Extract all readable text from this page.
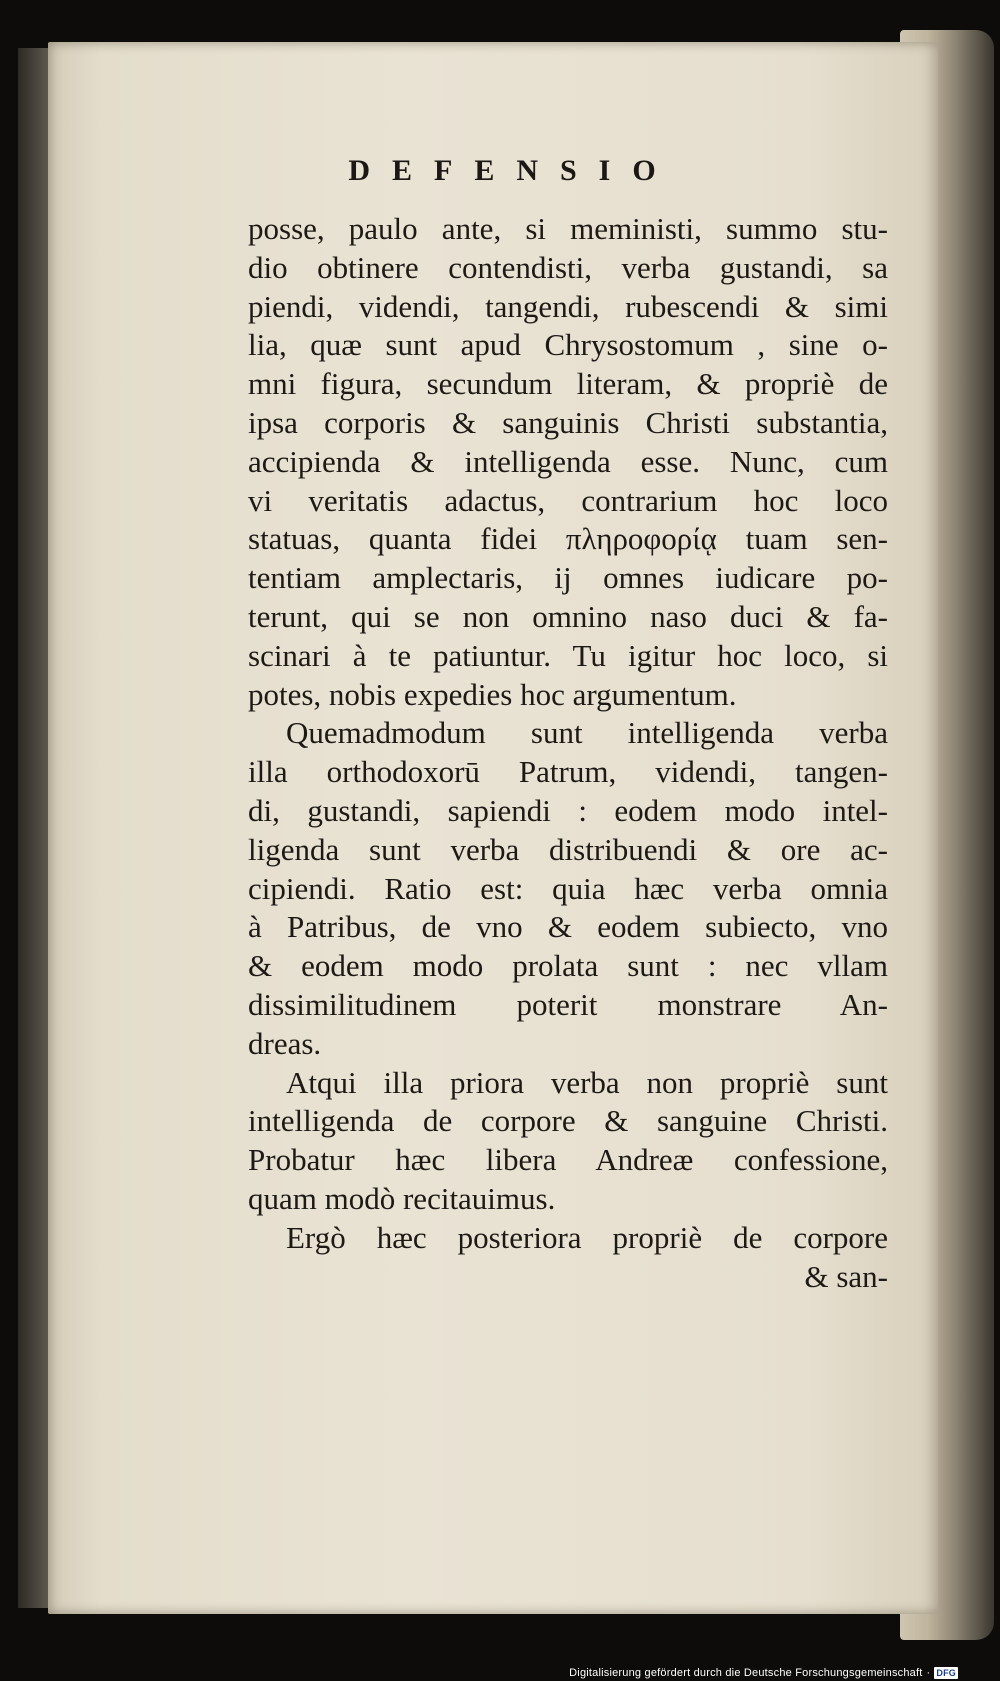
DEFENSIO
posse, paulo ante, si meministi, summo stu-
dio obtinere contendisti, verba gustandi, sa
piendi, videndi, tangendi, rubescendi & simi
lia, quæ sunt apud Chrysostomum , sine o-
mni figura, secundum literam, & propriè de
ipsa corporis & sanguinis Christi substantia,
accipienda & intelligenda esse. Nunc, cum
vi veritatis adactus, contrarium hoc loco
statuas, quanta fidei πληροφορίᾳ tuam sen-
tentiam amplectaris, ij omnes iudicare po-
terunt, qui se non omnino naso duci & fa-
scinari à te patiuntur. Tu igitur hoc loco, si
potes, nobis expedies hoc argumentum.
Quemadmodum sunt intelligenda verba
illa orthodoxorū Patrum, videndi, tangen-
di, gustandi, sapiendi : eodem modo intel-
ligenda sunt verba distribuendi & ore ac-
cipiendi. Ratio est: quia hæc verba omnia
à Patribus, de vno & eodem subiecto, vno
& eodem modo prolata sunt : nec vllam
dissimilitudinem poterit monstrare An-
dreas.
Atqui illa priora verba non propriè sunt
intelligenda de corpore & sanguine Christi.
Probatur hæc libera Andreæ confessione,
quam modò recitauimus.
Ergò hæc posteriora propriè de corpore
& san-
Digitalisierung gefördert durch die Deutsche Forschungsgemeinschaft · DFG
